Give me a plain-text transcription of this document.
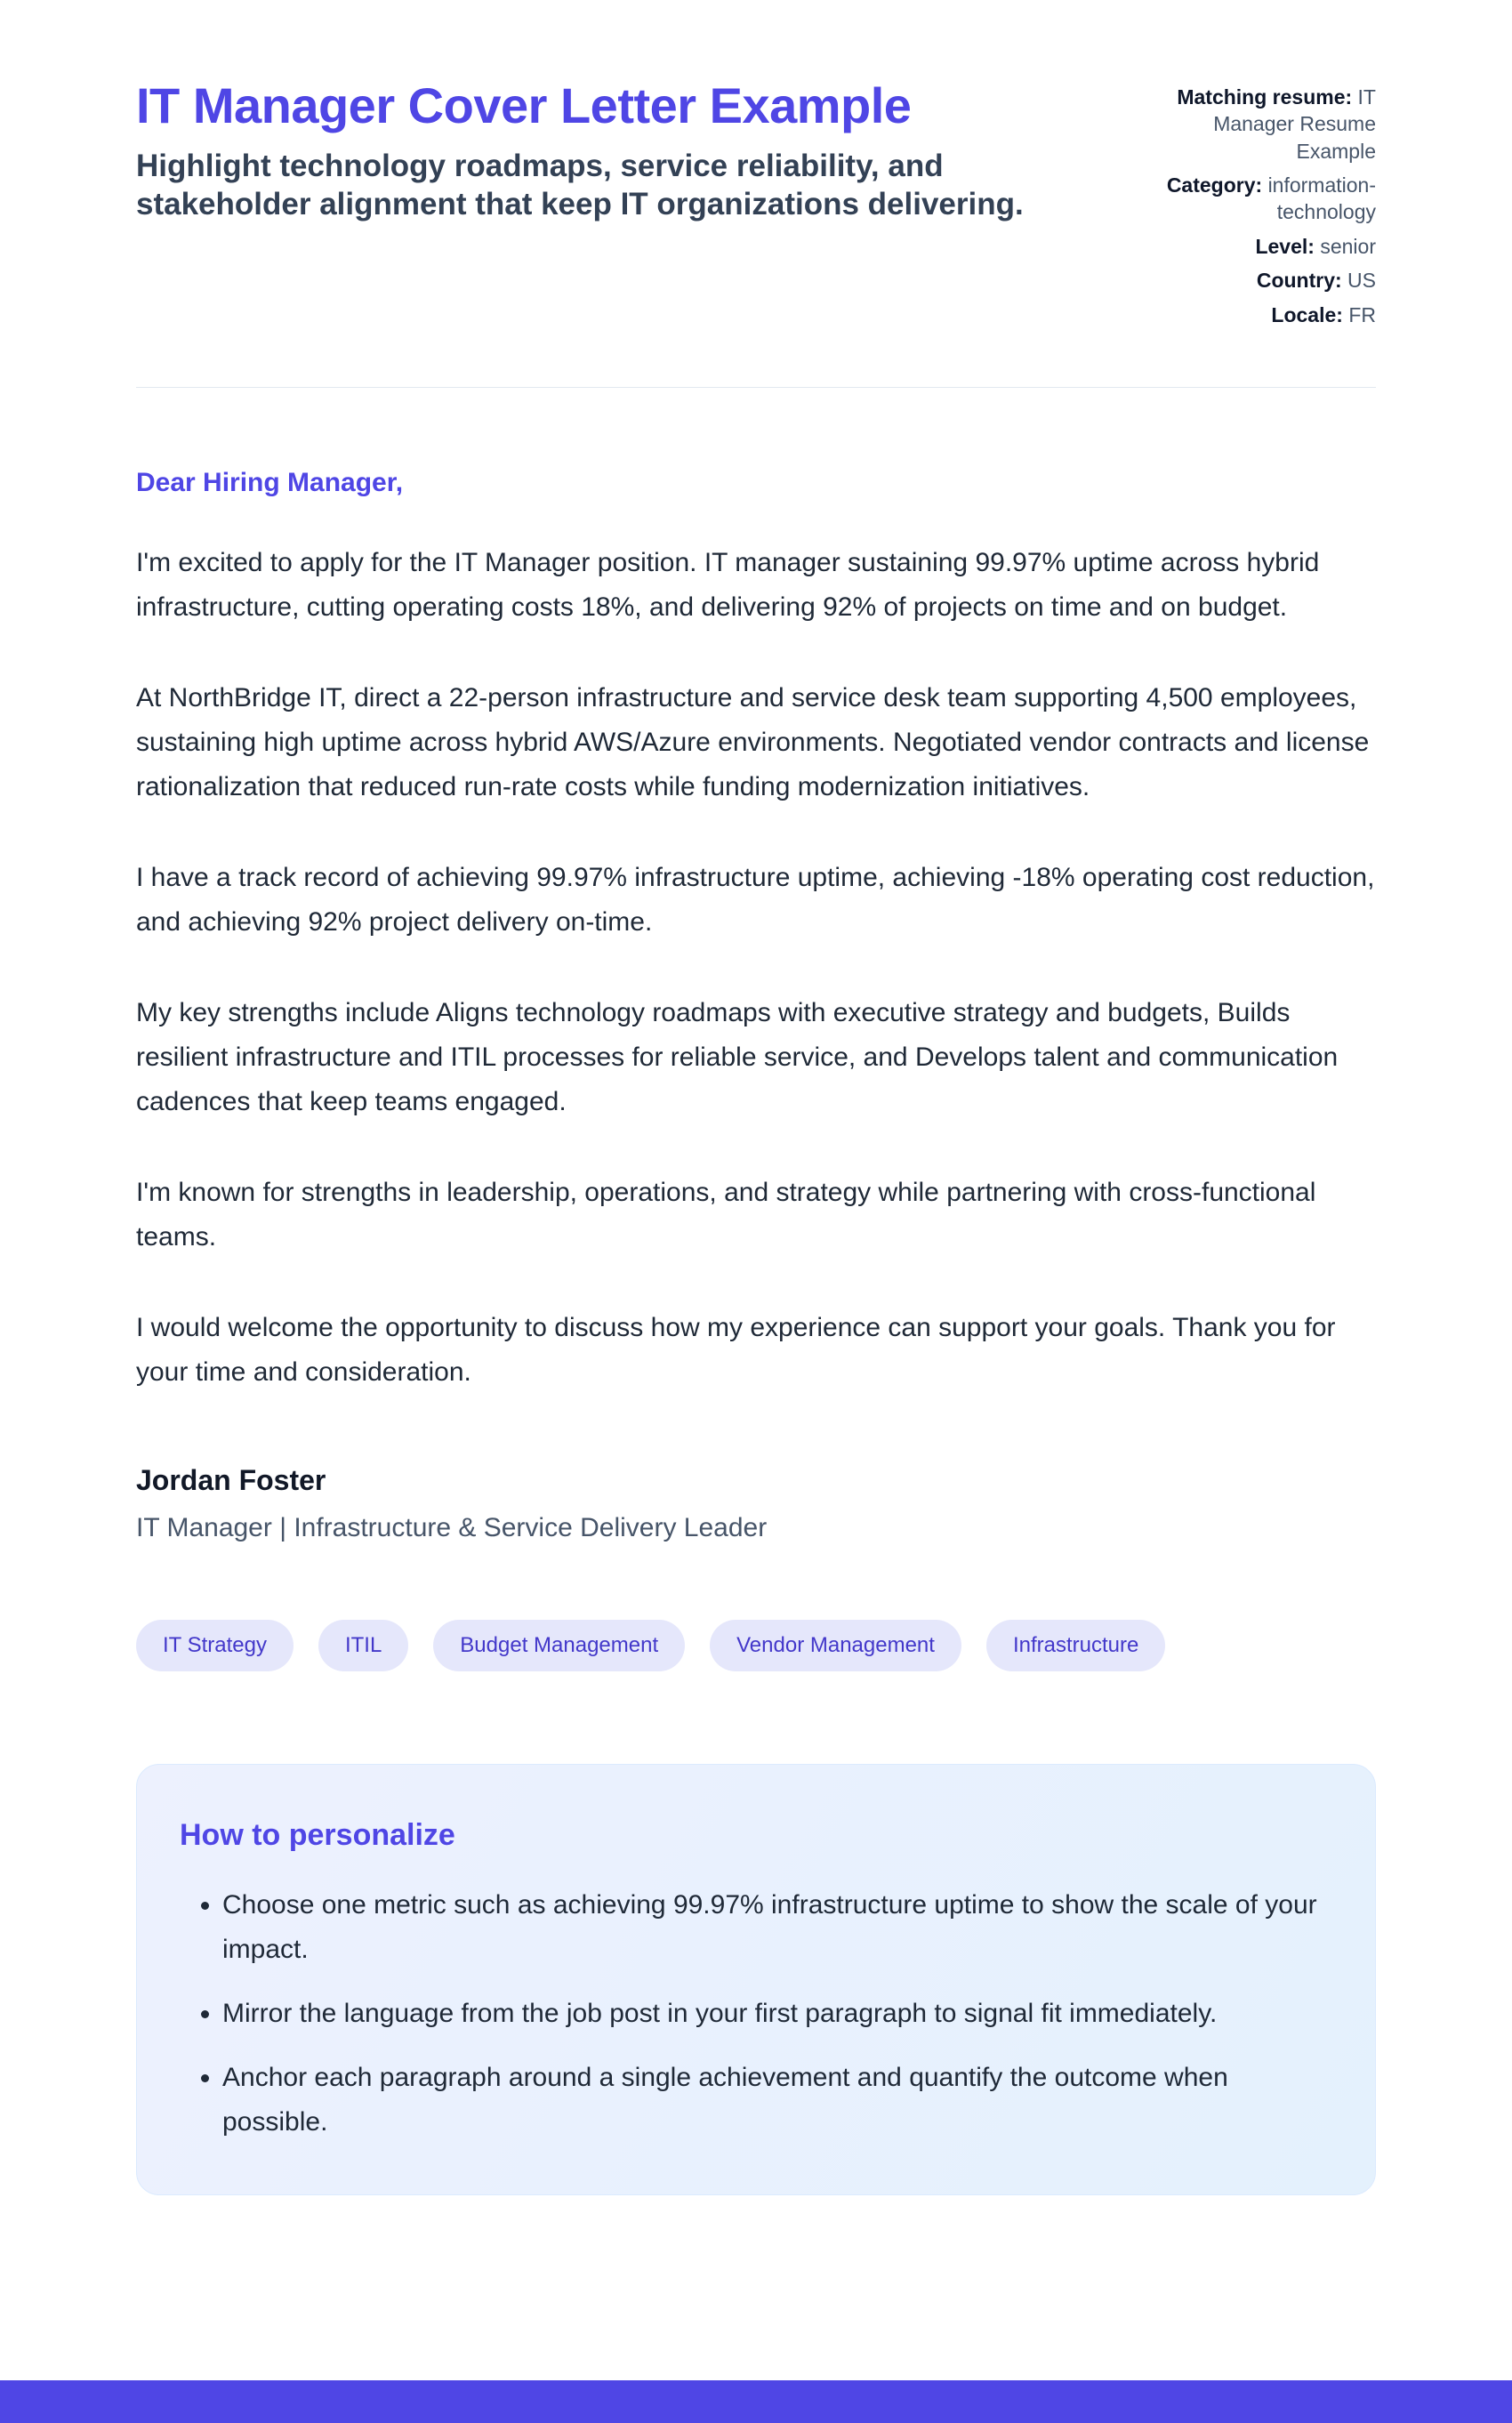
IT Manager Cover Letter Example

Highlight technology roadmaps, service reliability, and stakeholder alignment that keep IT organizations delivering.

Matching resume: IT Manager Resume Example
Category: information-technology
Level: senior
Country: US
Locale: FR

Dear Hiring Manager,

I'm excited to apply for the IT Manager position. IT manager sustaining 99.97% uptime across hybrid infrastructure, cutting operating costs 18%, and delivering 92% of projects on time and on budget.

At NorthBridge IT, direct a 22-person infrastructure and service desk team supporting 4,500 employees, sustaining high uptime across hybrid AWS/Azure environments. Negotiated vendor contracts and license rationalization that reduced run-rate costs while funding modernization initiatives.

I have a track record of achieving 99.97% infrastructure uptime, achieving -18% operating cost reduction, and achieving 92% project delivery on-time.

My key strengths include Aligns technology roadmaps with executive strategy and budgets, Builds resilient infrastructure and ITIL processes for reliable service, and Develops talent and communication cadences that keep teams engaged.

I'm known for strengths in leadership, operations, and strategy while partnering with cross-functional teams.

I would welcome the opportunity to discuss how my experience can support your goals. Thank you for your time and consideration.

Jordan Foster

IT Manager | Infrastructure & Service Delivery Leader

IT Strategy	ITIL	Budget Management	Vendor Management	Infrastructure
How to personalize
• Choose one metric such as achieving 99.97% infrastructure uptime to show the scale of your impact.
• Mirror the language from the job post in your first paragraph to signal fit immediately.
• Anchor each paragraph around a single achievement and quantify the outcome when possible.
